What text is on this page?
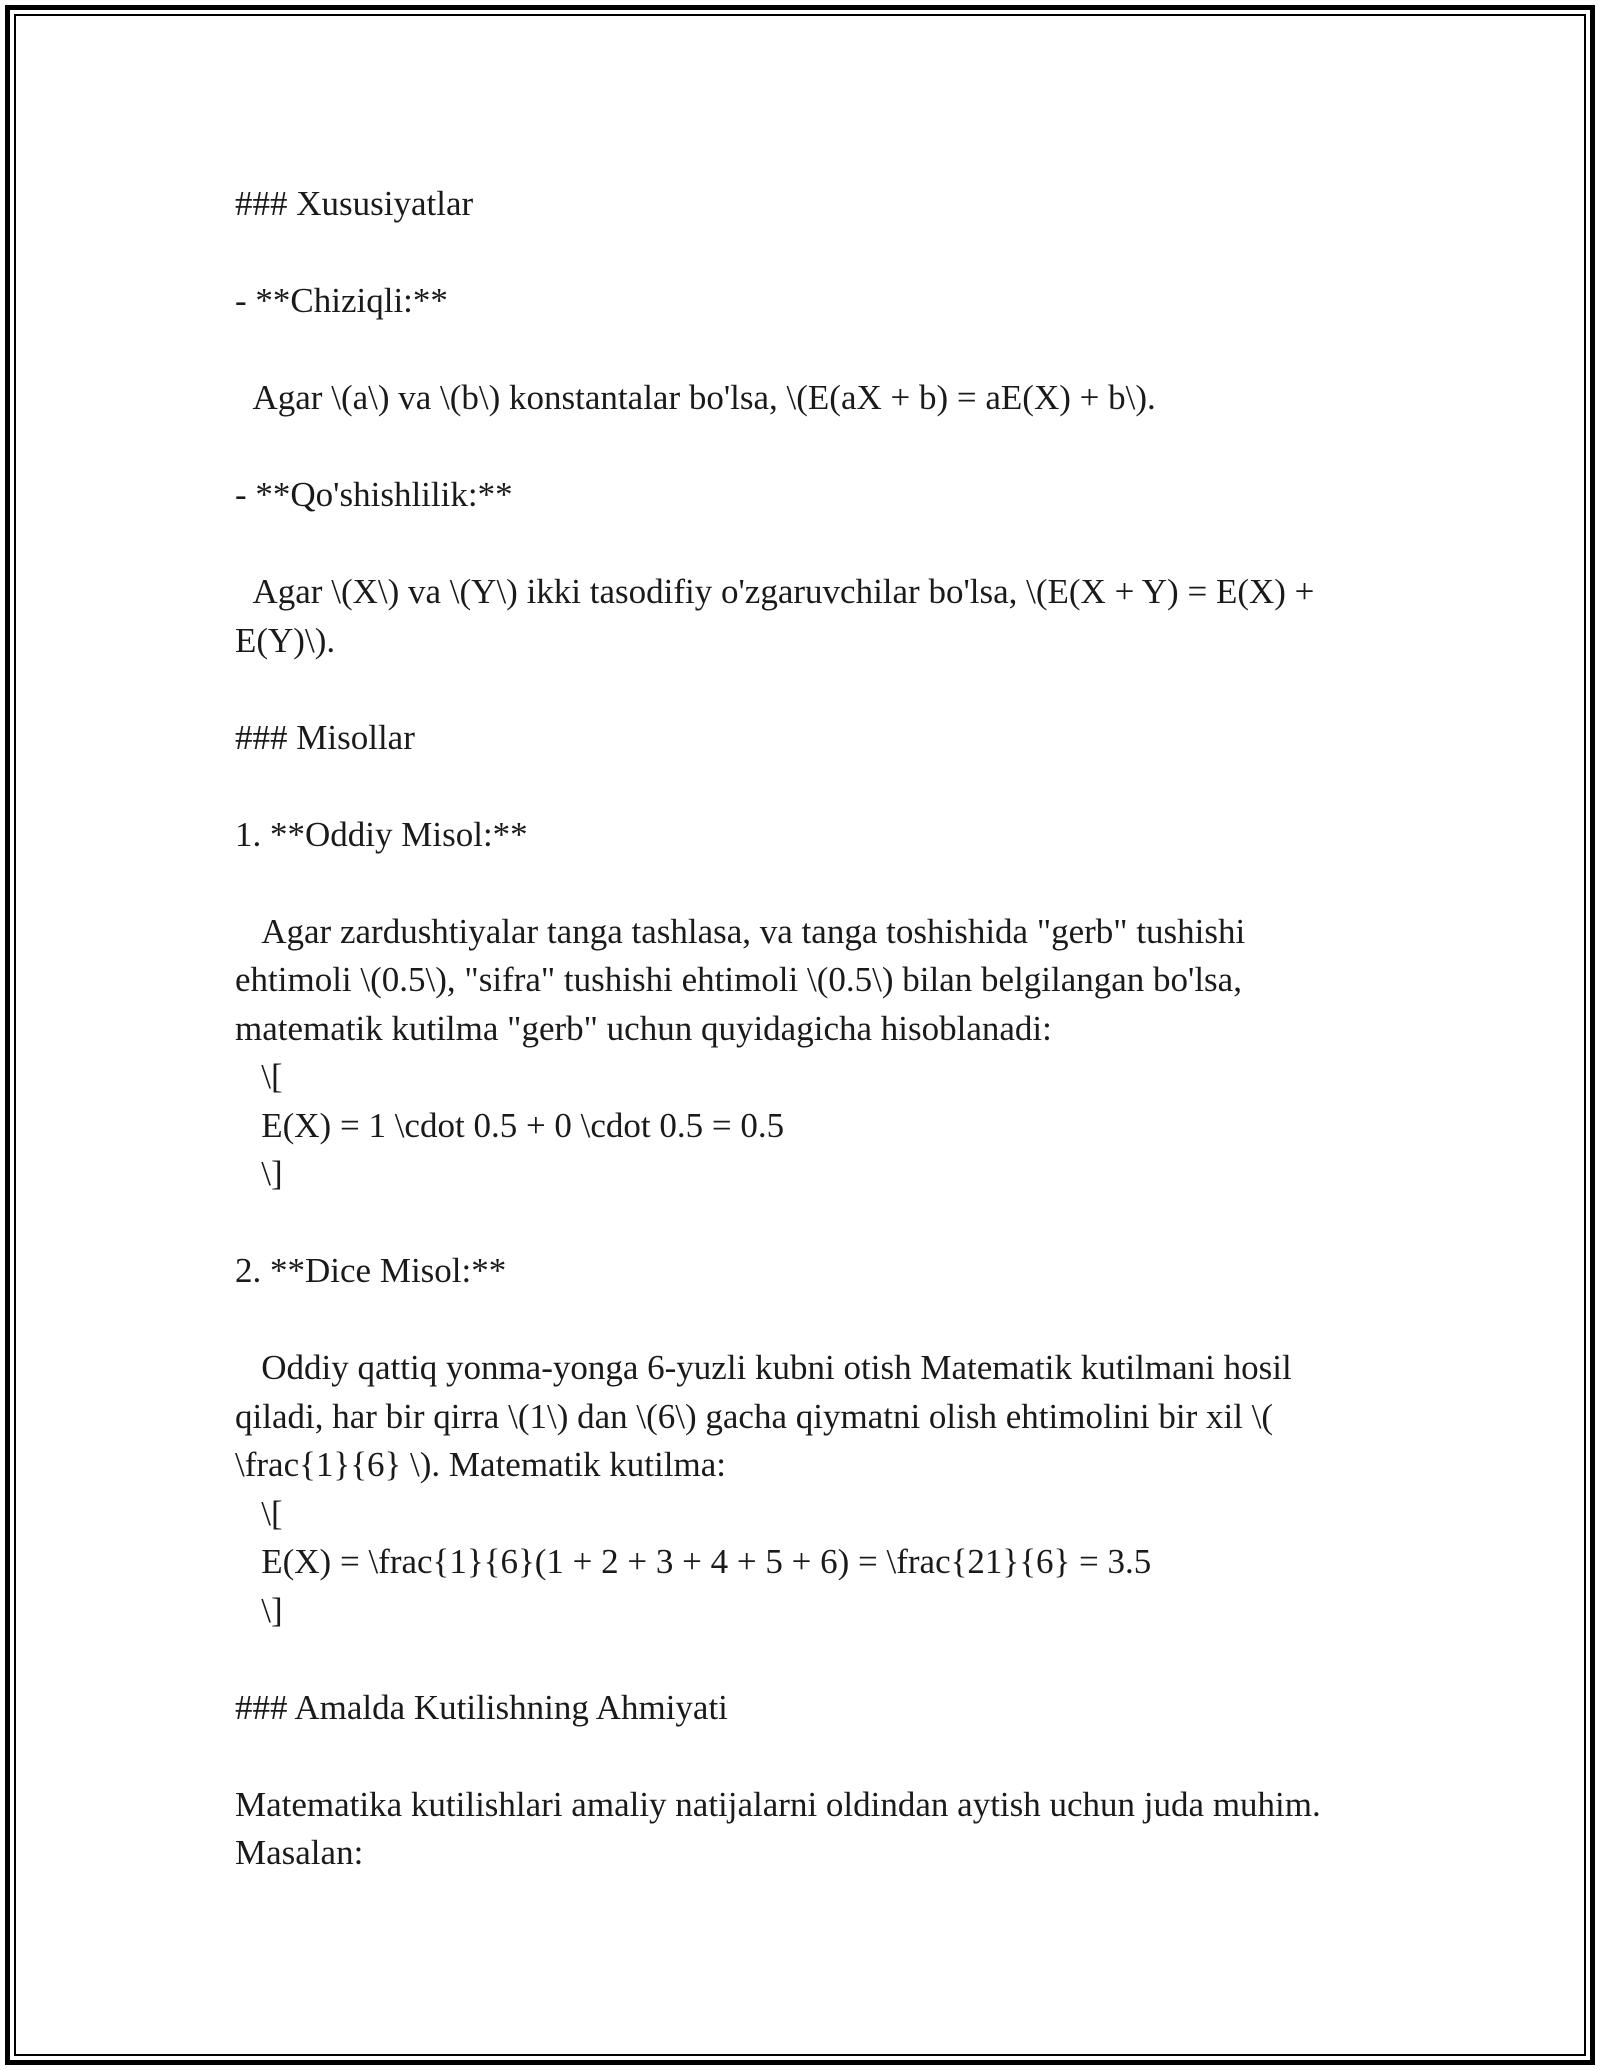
### Xususiyatlar
- **Chiziqli:**

Agar \(a\) va \(b\) konstantalar bo'lsa, \(E(aX + b) = aE(X) + b\).

- **Qo'shishlilik:**

Agar \(X\) va \(Y\) ikki tasodifiy o'zgaruvchilar bo'lsa, \(E(X + Y) = E(X) + E(Y)\).

### Misollar
1. **Oddiy Misol:**

Agar zardushtiyalar tanga tashlasa, va tanga toshishida "gerb" tushishi ehtimoli \(0.5\), "sifra" tushishi ehtimoli \(0.5\) bilan belgilangan bo'lsa, matematik kutilma "gerb" uchun quyidagicha hisoblanadi:

\[
E(X) = 1 \cdot 0.5 + 0 \cdot 0.5 = 0.5
\]
2. **Dice Misol:**

Oddiy qattiq yonma-yonga 6-yuzli kubni otish Matematik kutilmani hosil qiladi, har bir qirra \(1\) dan \(6\) gacha qiymatni olish ehtimolini bir xil \( \frac{1}{6} \). Matematik kutilma:

\[
E(X) = \frac{1}{6}(1 + 2 + 3 + 4 + 5 + 6) = \frac{21}{6} = 3.5
\]
### Amalda Kutilishning Ahmiyati

Matematika kutilishlari amaliy natijalarni oldindan aytish uchun juda muhim. Masalan:
